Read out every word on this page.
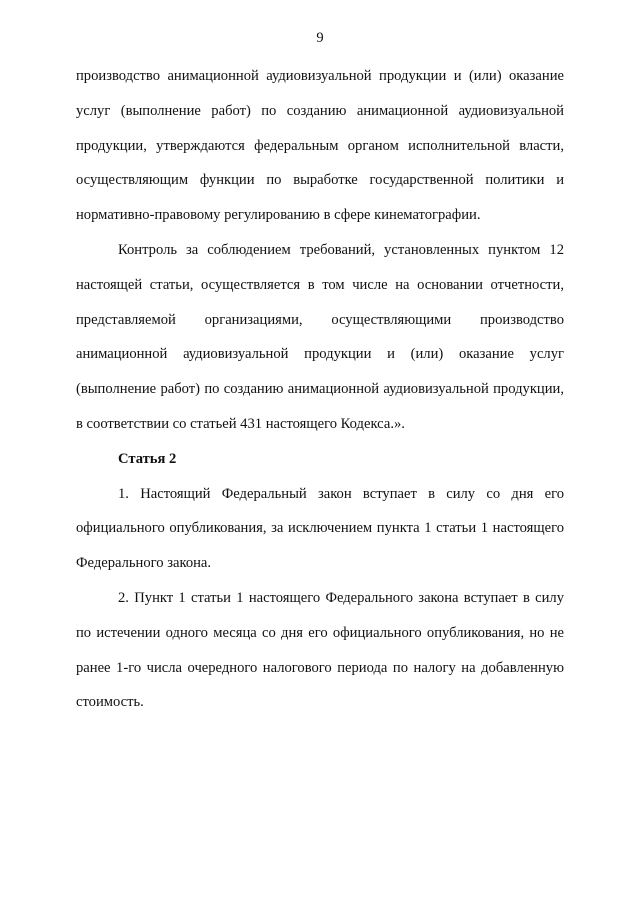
9

производство анимационной аудиовизуальной продукции и (или) оказание услуг (выполнение работ) по созданию анимационной аудиовизуальной продукции, утверждаются федеральным органом исполнительной власти, осуществляющим функции по выработке государственной политики и нормативно-правовому регулированию в сфере кинематографии.

Контроль за соблюдением требований, установленных пунктом 12 настоящей статьи, осуществляется в том числе на основании отчетности, представляемой организациями, осуществляющими производство анимационной аудиовизуальной продукции и (или) оказание услуг (выполнение работ) по созданию анимационной аудиовизуальной продукции, в соответствии со статьей 431 настоящего Кодекса.».

Статья 2

1. Настоящий Федеральный закон вступает в силу со дня его официального опубликования, за исключением пункта 1 статьи 1 настоящего Федерального закона.

2. Пункт 1 статьи 1 настоящего Федерального закона вступает в силу по истечении одного месяца со дня его официального опубликования, но не ранее 1-го числа очередного налогового периода по налогу на добавленную стоимость.
